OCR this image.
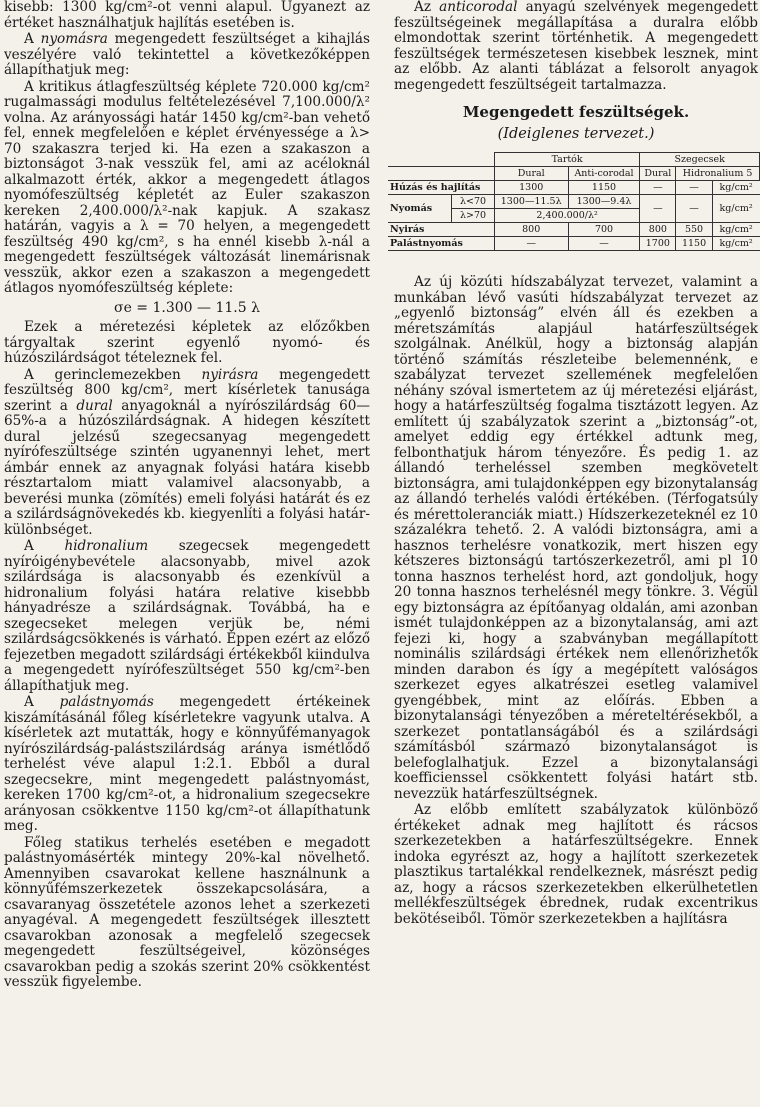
kisebb: 1300 kg/cm²-ot venni alapul. Ugyanezt az értéket használhatjuk hajlítás esetében is.

A nyomásra megengedett feszültséget a kihajlás veszélyére való tekintettel a következőképpen állapíthatjuk meg:

A kritikus átlagfeszültség képlete 720.000 kg/cm² rugalmassági modulus feltételezésével 7,100.000/λ² volna. Az arányossági határ 1450 kg/cm²-ban vehető fel, ennek megfelelően e képlet érvényessége a λ> 70 szakaszra terjed ki. Ha ezen a szakaszon a biztonságot 3-nak vesszük fel, ami az acéloknál alkalmazott érték, akkor a megengedett átlagos nyomófeszültség képletét az Euler szakaszon kereken 2,400.000/λ²-nak kapjuk. A szakasz határán, vagyis a λ = 70 helyen, a megengedett feszültség 490 kg/cm², s ha ennél kisebb λ-nál a megengedett feszültségek változását linemárisnak vesszük, akkor ezen a szakaszon a megengedett átlagos nyomófeszültség képlete:

σe = 1.300 — 11.5 λ

Ezek a méretezési képletek az előzőkben tárgyaltak szerint egyenlő nyomó- és húzószilárdságot tételeznek fel.

A gerinclemezekben nyirásra megengedett feszültség 800 kg/cm², mert kísérletek tanusága szerint a dural anyagoknál a nyírószilárdság 60—65%-a a húzószilárdságnak. A hidegen készített dural jelzésű szegecsanyag megengedett nyírófeszültsége szintén ugyanennyi lehet, mert ámbár ennek az anyagnak folyási határa kisebb résztartalom miatt valamivel alacsonyabb, a beverési munka (zömítés) emeli folyási határát és ez a szilárdságnövekedés kb. kiegyenlíti a folyási határ-különbséget.

A hidronalium szegecsek megengedett nyíróigénybevétele alacsonyabb, mivel azok szilárdsága is alacsonyabb és ezenkívül a hidronalium folyási határa relative kisebbb hányadrésze a szilárdságnak. Továbbá, ha e szegecseket melegen verjük be, némi szilárdságcsökkenés is várható. Éppen ezért az előző fejezetben megadott szilárdsági értékekből kiindulva a megengedett nyírófeszültséget 550 kg/cm²-ben állapíthatjuk meg.

A palástnyomás megengedett értékeinek kiszámításánál főleg kísérletekre vagyunk utalva. A kísérletek azt mutatták, hogy e könnyűfémanyagok nyírószilárdság-palástszilárdság aránya ismétlődő terhelést véve alapul 1:2.1. Ebből a dural szegecsekre, mint megengedett palástnyomást, kereken 1700 kg/cm²-ot, a hidronalium szegecsekre arányosan csökkentve 1150 kg/cm²-ot állapíthatunk meg.

Főleg statikus terhelés esetében e megadott palástnyomásérték mintegy 20%-kal növelhető. Amennyiben csavarokat kellene használnunk a könnyűfémszerkezetek összekapcsolására, a csavaranyag összetétele azonos lehet a szerkezeti anyagéval. A megengedett feszültségek illesztett csavarokban azonosak a megfelelő szegecsek megengedett feszültségeivel, közönséges csavarokban pedig a szokás szerint 20% csökkentést vesszük figyelembe.

Az anticorodal anyagú szelvények megengedett feszültségeinek megállapítása a duralra előbb elmondottak szerint történhetik. A megengedett feszültségek természetesen kisebbek lesznek, mint az előbb. Az alanti táblázat a felsorolt anyagok megengedett feszültségeit tartalmazza.

Megengedett feszültségek.
(Ideiglenes tervezet.)
		Tartók		Szegecsek		
		Dural	Anti-corodal	Dural	Hidronalium 5	
Húzás és hajlítás		1300	1150	—	—	kg/cm²
Nyomás	λ<70	1300—11.5λ	1300—9.4λ	—	—	kg/cm²
	λ>70	2,400.000/λ²				
Nyirás		800	700	800	550	kg/cm²
Palástnyomás		—	—	1700	1150	kg/cm²

Az új közúti hídszabályzat tervezet, valamint a munkában lévő vasúti hídszabályzat tervezet az „egyenlő biztonság” elvén áll és ezekben a méretszámítás alapjául határfeszültségek szolgálnak. Anélkül, hogy a biztonság alapján történő számítás részleteibe belemennénk, e szabályzat tervezet szellemének megfelelően néhány szóval ismertetem az új méretezési eljárást, hogy a határfeszültség fogalma tisztázott legyen. Az említett új szabályzatok szerint a „biztonság”-ot, amelyet eddig egy értékkel adtunk meg, felbonthatjuk három tényezőre. És pedig 1. az állandó terheléssel szemben megkövetelt biztonságra, ami tulajdonképpen egy bizonytalanság az állandó terhelés valódi értékében. (Térfogatsúly és mérettoleranciák miatt.) Hídszerkezeteknél ez 10 százalékra tehető. 2. A valódi biztonságra, ami a hasznos terhelésre vonatkozik, mert hiszen egy kétszeres biztonságú tartószerkezetről, ami pl 10 tonna hasznos terhelést hord, azt gondoljuk, hogy 20 tonna hasznos terhelésnél megy tönkre. 3. Végül egy biztonságra az építőanyag oldalán, ami azonban ismét tulajdonképpen az a bizonytalanság, ami azt fejezi ki, hogy a szabványban megállapított nominális szilárdsági értékek nem ellenőrizhetők minden darabon és így a megépített valóságos szerkezet egyes alkatrészei esetleg valamivel gyengébbek, mint az előírás. Ebben a bizonytalansági tényezőben a méreteltérésekből, a szerkezet pontatlanságából és a szilárdsági számításból származó bizonytalanságot is belefoglalhatjuk. Ezzel a bizonytalansági koefficienssel csökkentett folyási határt stb. nevezzük határfeszültségnek.

Az előbb említett szabályzatok különböző értékeket adnak meg hajlított és rácsos szerkezetekben a határfeszültségekre. Ennek indoka egyrészt az, hogy a hajlított szerkezetek plasztikus tartalékkal rendelkeznek, másrészt pedig az, hogy a rácsos szerkezetekben elkerülhetetlen mellékfeszültségek ébrednek, rudak excentrikus bekötéseiből. Tömör szerkezetekben a hajlításra
